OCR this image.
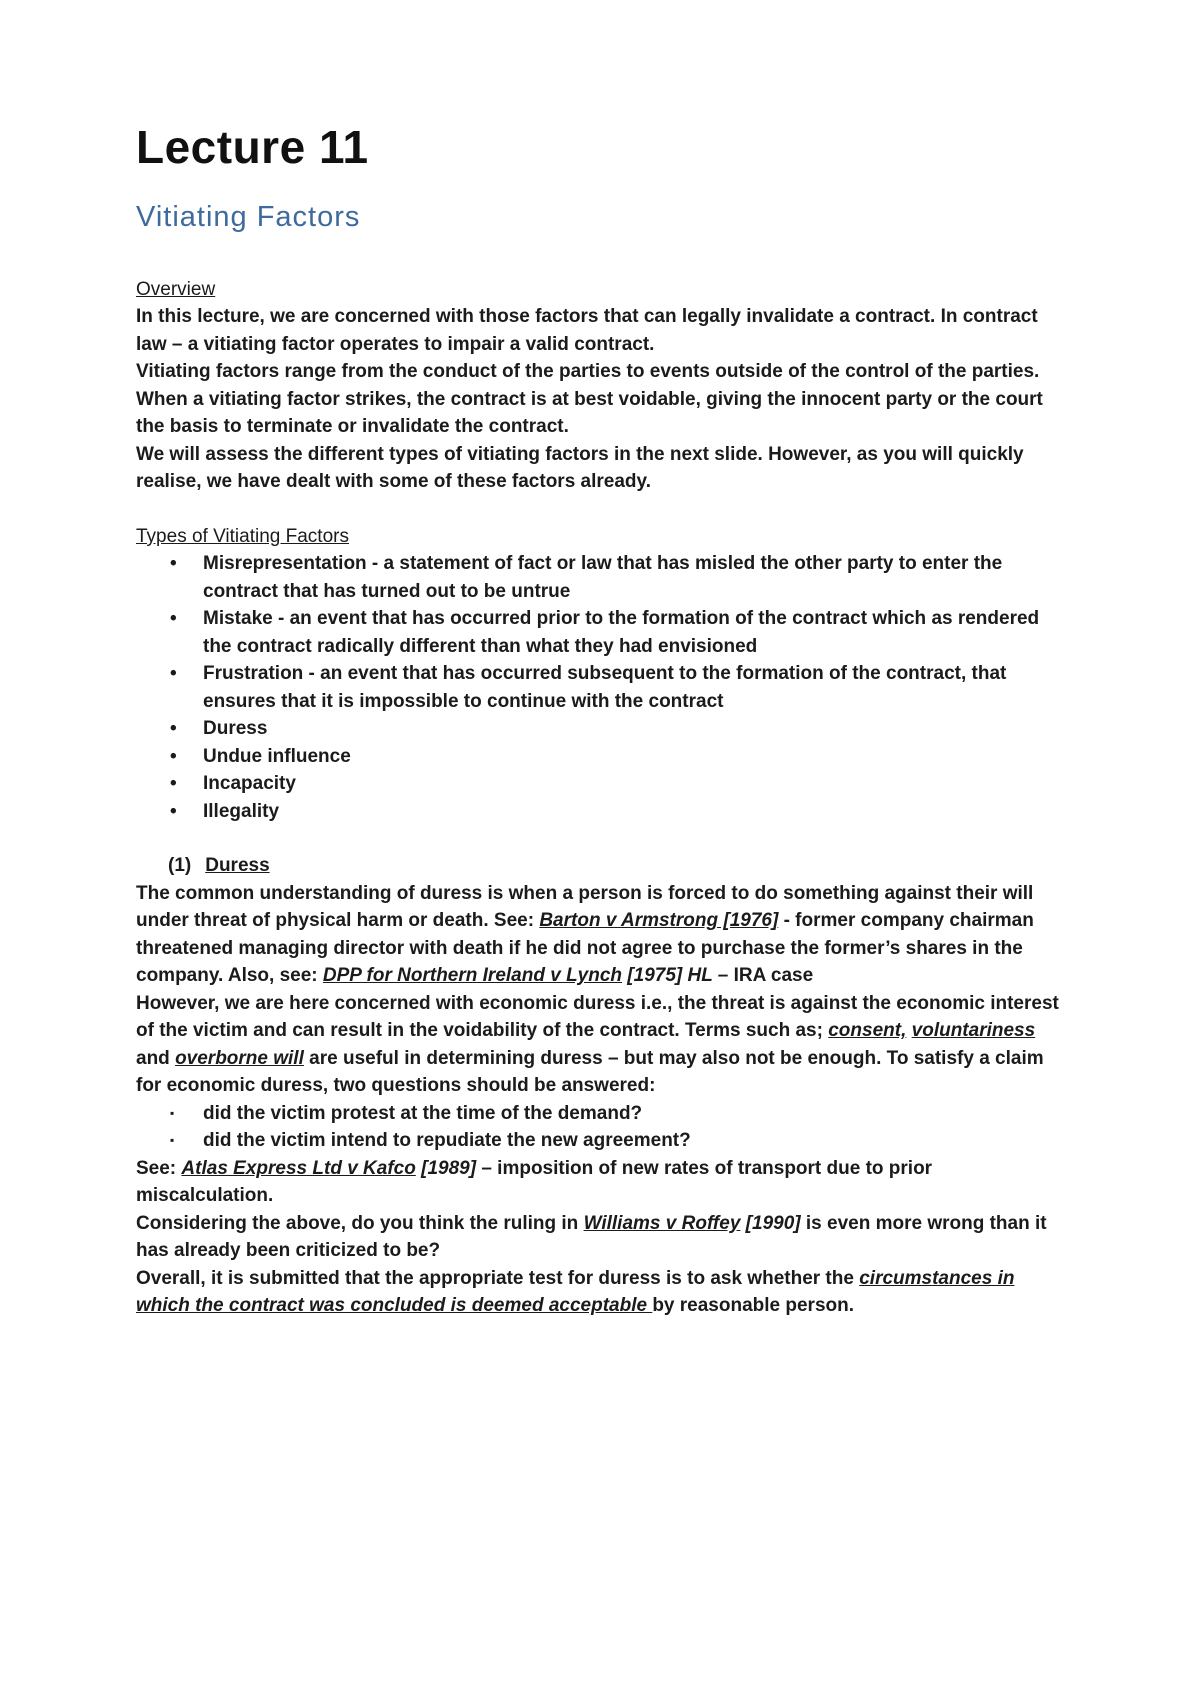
Lecture 11
Vitiating Factors
Overview
In this lecture, we are concerned with those factors that can legally invalidate a contract. In contract law – a vitiating factor operates to impair a valid contract.
Vitiating factors range from the conduct of the parties to events outside of the control of the parties.
When a vitiating factor strikes, the contract is at best voidable, giving the innocent party or the court the basis to terminate or invalidate the contract.
We will assess the different types of vitiating factors in the next slide. However, as you will quickly realise, we have dealt with some of these factors already.
Types of Vitiating Factors
•	Misrepresentation - a statement of fact or law that has misled the other party to enter the contract that has turned out to be untrue
•	Mistake - an event that has occurred prior to the formation of the contract which as rendered the contract radically different than what they had envisioned
•	Frustration - an event that has occurred subsequent to the formation of the contract, that ensures that it is impossible to continue with the contract
•	Duress
•	Undue influence
•	Incapacity
•	Illegality
(1) Duress
The common understanding of duress is when a person is forced to do something against their will under threat of physical harm or death. See: Barton v Armstrong [1976] - former company chairman threatened managing director with death if he did not agree to purchase the former’s shares in the company. Also, see: DPP for Northern Ireland v Lynch [1975] HL – IRA case
However, we are here concerned with economic duress i.e., the threat is against the economic interest of the victim and can result in the voidability of the contract. Terms such as; consent, voluntariness and overborne will are useful in determining duress – but may also not be enough. To satisfy a claim for economic duress, two questions should be answered:
▪	did the victim protest at the time of the demand?
▪	did the victim intend to repudiate the new agreement?
See: Atlas Express Ltd v Kafco [1989] – imposition of new rates of transport due to prior miscalculation.
Considering the above, do you think the ruling in Williams v Roffey [1990] is even more wrong than it has already been criticized to be?
Overall, it is submitted that the appropriate test for duress is to ask whether the circumstances in which the contract was concluded is deemed acceptable by reasonable person.
